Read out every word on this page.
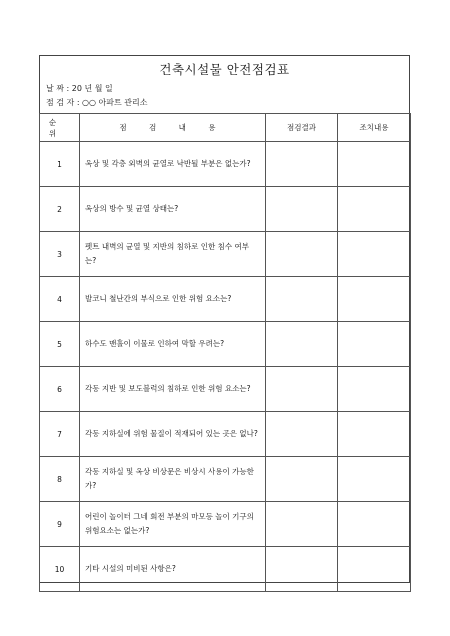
건축시설물 안전점검표
날 짜 : 20 년 월 일
점 검 자 : ○○ 아파트 관리소
순 위	점 검 내 용	점검결과	조치내용
1	옥상 및 각층 외벽의 균열로 낙반될 부분은 없는가?		
2	옥상의 방수 및 균열 상태는?		
3	펫트 내벽의 균열 및 지반의 침하로 인한 침수 여부는?		
4	발코니 철난간의 부식으로 인한 위험 요소는?		
5	하수도 맨홀이 이물로 인하여 막할 우려는?		
6	각동 지반 및 보도블럭의 침하로 인한 위험 요소는?		
7	각동 지하실에 위험 물질이 적재되어 있는 곳은 없나?		
8	각동 지하실 및 옥상 비상문은 비상시 사용이 가능한가?		
9	어린이 놀이터 그네 회전 부분의 마모등 놀이 기구의 위험요소는 없는가?		
10	기타 시설의 미비된 사항은?		
